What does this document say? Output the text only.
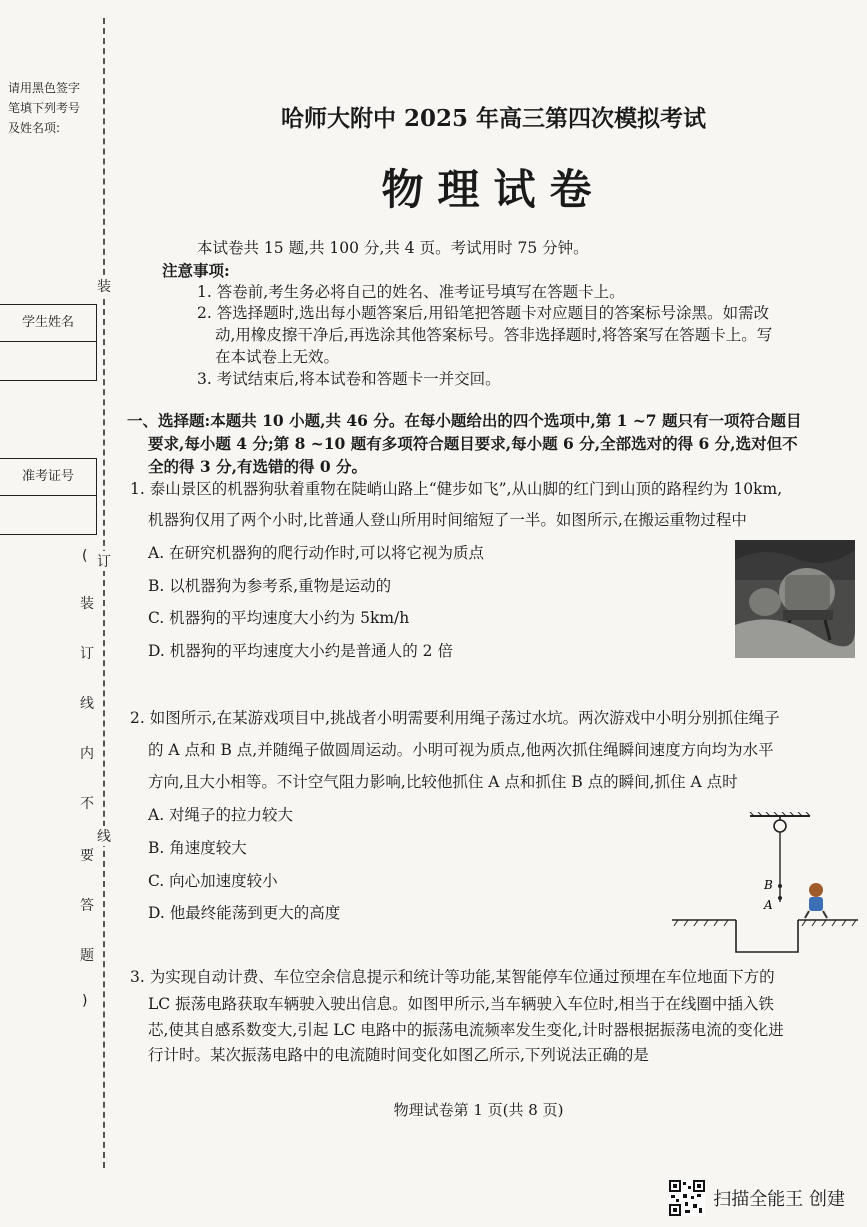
请用黑色签字
笔填下列考号
及姓名项:
学生姓名
准考证号
装
订
线
(
装
订
线
内
不
要
答
题
)
哈师大附中 2025 年高三第四次模拟考试
物理试卷
本试卷共 15 题,共 100 分,共 4 页。考试用时 75 分钟。
注意事项:
1. 答卷前,考生务必将自己的姓名、准考证号填写在答题卡上。
2. 答选择题时,选出每小题答案后,用铅笔把答题卡对应题目的答案标号涂黑。如需改
动,用橡皮擦干净后,再选涂其他答案标号。答非选择题时,将答案写在答题卡上。写
在本试卷上无效。
3. 考试结束后,将本试卷和答题卡一并交回。
一、选择题:本题共 10 小题,共 46 分。在每小题给出的四个选项中,第 1 ~7 题只有一项符合题目
要求,每小题 4 分;第 8 ~10 题有多项符合题目要求,每小题 6 分,全部选对的得 6 分,选对但不
全的得 3 分,有选错的得 0 分。
1. 泰山景区的机器狗驮着重物在陡峭山路上“健步如飞”,从山脚的红门到山顶的路程约为 10km,
机器狗仅用了两个小时,比普通人登山所用时间缩短了一半。如图所示,在搬运重物过程中
A. 在研究机器狗的爬行动作时,可以将它视为质点
B. 以机器狗为参考系,重物是运动的
C. 机器狗的平均速度大小约为 5km/h
D. 机器狗的平均速度大小约是普通人的 2 倍
2. 如图所示,在某游戏项目中,挑战者小明需要利用绳子荡过水坑。两次游戏中小明分别抓住绳子
的 A 点和 B 点,并随绳子做圆周运动。小明可视为质点,他两次抓住绳瞬间速度方向均为水平
方向,且大小相等。不计空气阻力影响,比较他抓住 A 点和抓住 B 点的瞬间,抓住 A 点时
A. 对绳子的拉力较大
B. 角速度较大
C. 向心加速度较小
D. 他最终能荡到更大的高度
B
A
3. 为实现自动计费、车位空余信息提示和统计等功能,某智能停车位通过预埋在车位地面下方的
LC 振荡电路获取车辆驶入驶出信息。如图甲所示,当车辆驶入车位时,相当于在线圈中插入铁
芯,使其自感系数变大,引起 LC 电路中的振荡电流频率发生变化,计时器根据振荡电流的变化进
行计时。某次振荡电路中的电流随时间变化如图乙所示,下列说法正确的是
物理试卷第 1 页(共 8 页)
扫描全能王 创建
